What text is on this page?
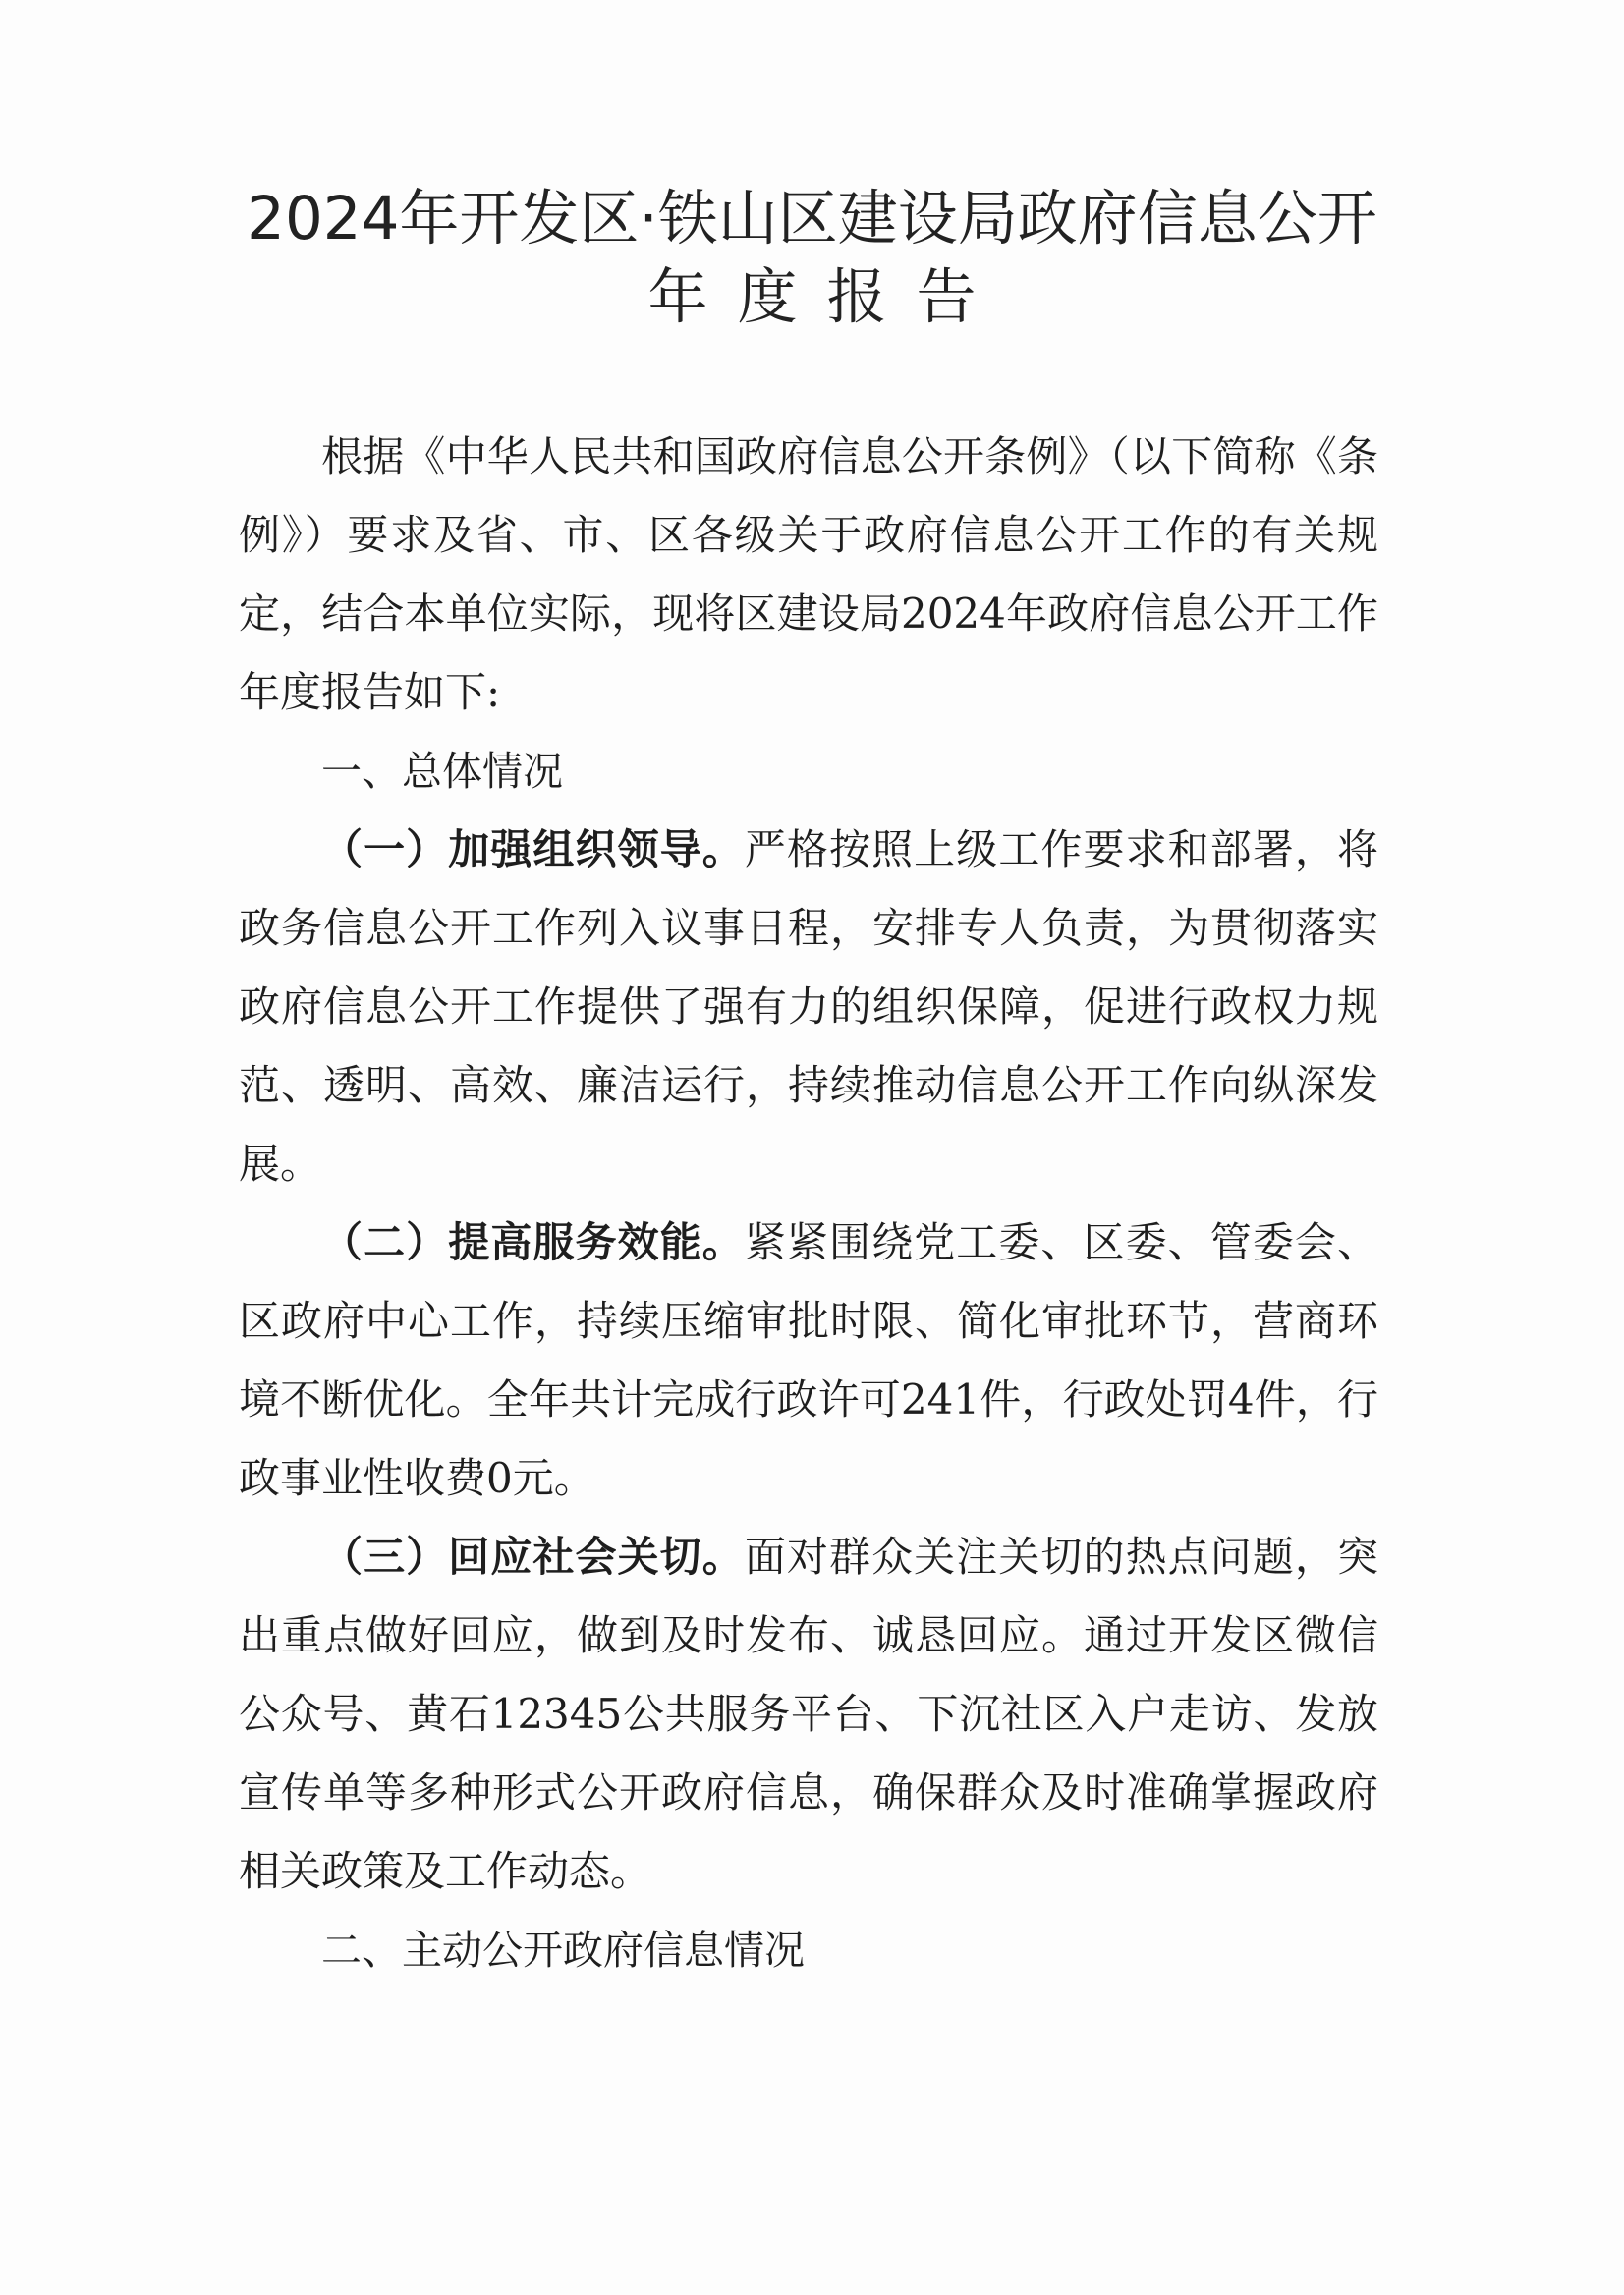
2024年开发区·铁山区建设局政府信息公开
年度报告

根据《中华人民共和国政府信息公开条例》（以下简称《条例》）要求及省、市、区各级关于政府信息公开工作的有关规定，结合本单位实际，现将区建设局2024年政府信息公开工作年度报告如下:

一、总体情况

（一）加强组织领导。严格按照上级工作要求和部署，将政务信息公开工作列入议事日程，安排专人负责，为贯彻落实政府信息公开工作提供了强有力的组织保障，促进行政权力规范、透明、高效、廉洁运行，持续推动信息公开工作向纵深发展。

（二）提高服务效能。紧紧围绕党工委、区委、管委会、区政府中心工作，持续压缩审批时限、简化审批环节，营商环境不断优化。全年共计完成行政许可241件，行政处罚4件，行政事业性收费0元。

（三）回应社会关切。面对群众关注关切的热点问题，突出重点做好回应，做到及时发布、诚恳回应。通过开发区微信公众号、黄石12345公共服务平台、下沉社区入户走访、发放宣传单等多种形式公开政府信息，确保群众及时准确掌握政府相关政策及工作动态。

二、主动公开政府信息情况
